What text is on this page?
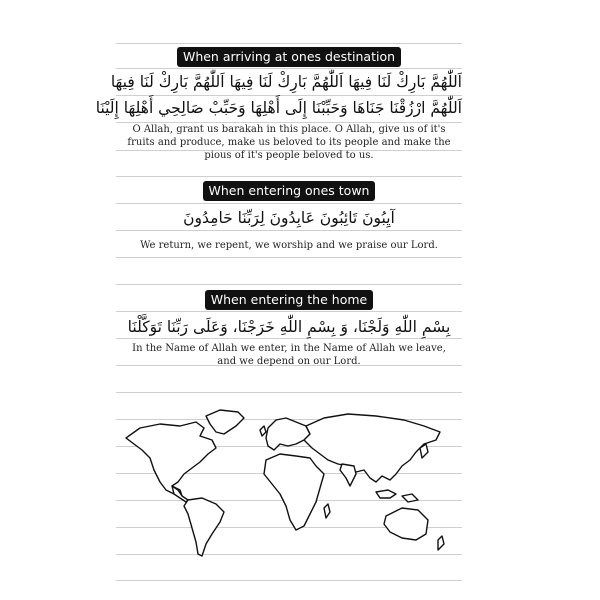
When arriving at ones destination
اَللّٰهُمَّ بَارِكْ لَنَا فِيهَا اَللّٰهُمَّ بَارِكْ لَنَا فِيهَا اَللّٰهُمَّ بَارِكْ لَنَا فِيهَا
اَللّٰهُمَّ ارْزُقْنَا جَنَاهَا وَحَبِّبْنَا إِلَى أَهْلِهَا وَحَبِّبْ صَالِحِي أَهْلِهَا إِلَيْنَا
O Allah, grant us barakah in this place. O Allah, give us of it's fruits and produce, make us beloved to its people and make the pious of it's people beloved to us.
When entering ones town
آيِبُونَ تَائِبُونَ عَابِدُونَ لِرَبِّنَا حَامِدُونَ
We return, we repent, we worship and we praise our Lord.
When entering the home
بِسْمِ اللّٰهِ وَلَجْنَا، وَ بِسْمِ اللّٰهِ خَرَجْنَا، وَعَلَى رَبِّنَا تَوَكَّلْنَا
In the Name of Allah we enter, in the Name of Allah we leave, and we depend on our Lord.
